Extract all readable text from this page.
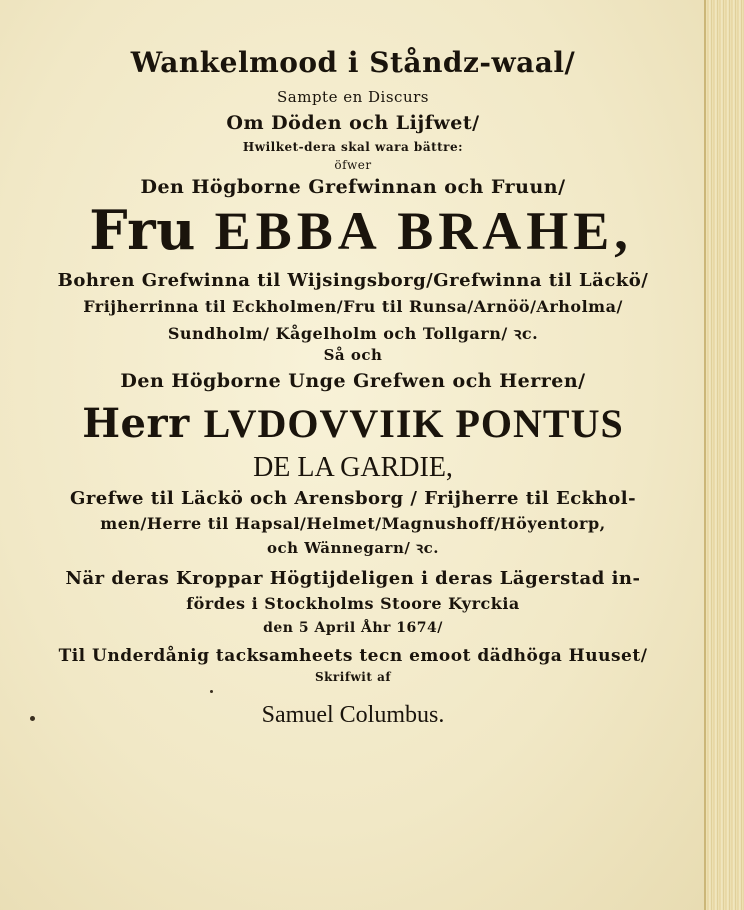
Wankelmood i Ståndz-waal/
Sampte en Discurs
Om Döden och Lijfwet/
Hwilket-dera skal wara bättre:
öfwer
Den Högborne Grefwinnan och Fruun/
Fru EBBA BRAHE,
Bohren Grefwinna til Wijsingsborg/Grefwinna til Läckö/
Frijherrinna til Eckholmen/Fru til Runsa/Arnöö/Arholma/
Sundholm/ Kågelholm och Tollgarn/ ꝛc.
Så och
Den Högborne Unge Grefwen och Herren/
Herr LVDOVVIIK PONTUS
DE LA GARDIE,
Grefwe til Läckö och Arensborg / Frijherre til Eckhol-
men/Herre til Hapsal/Helmet/Magnushoff/Höyentorp,
och Wännegarn/ ꝛc.
När deras Kroppar Högtijdeligen i deras Lägerstad in-
fördes i Stockholms Stoore Kyrckia
den 5 April Åhr 1674/
Til Underdånig tacksamheets tecn emoot dädhöga Huuset/
Skrifwit af
Samuel Columbus.
